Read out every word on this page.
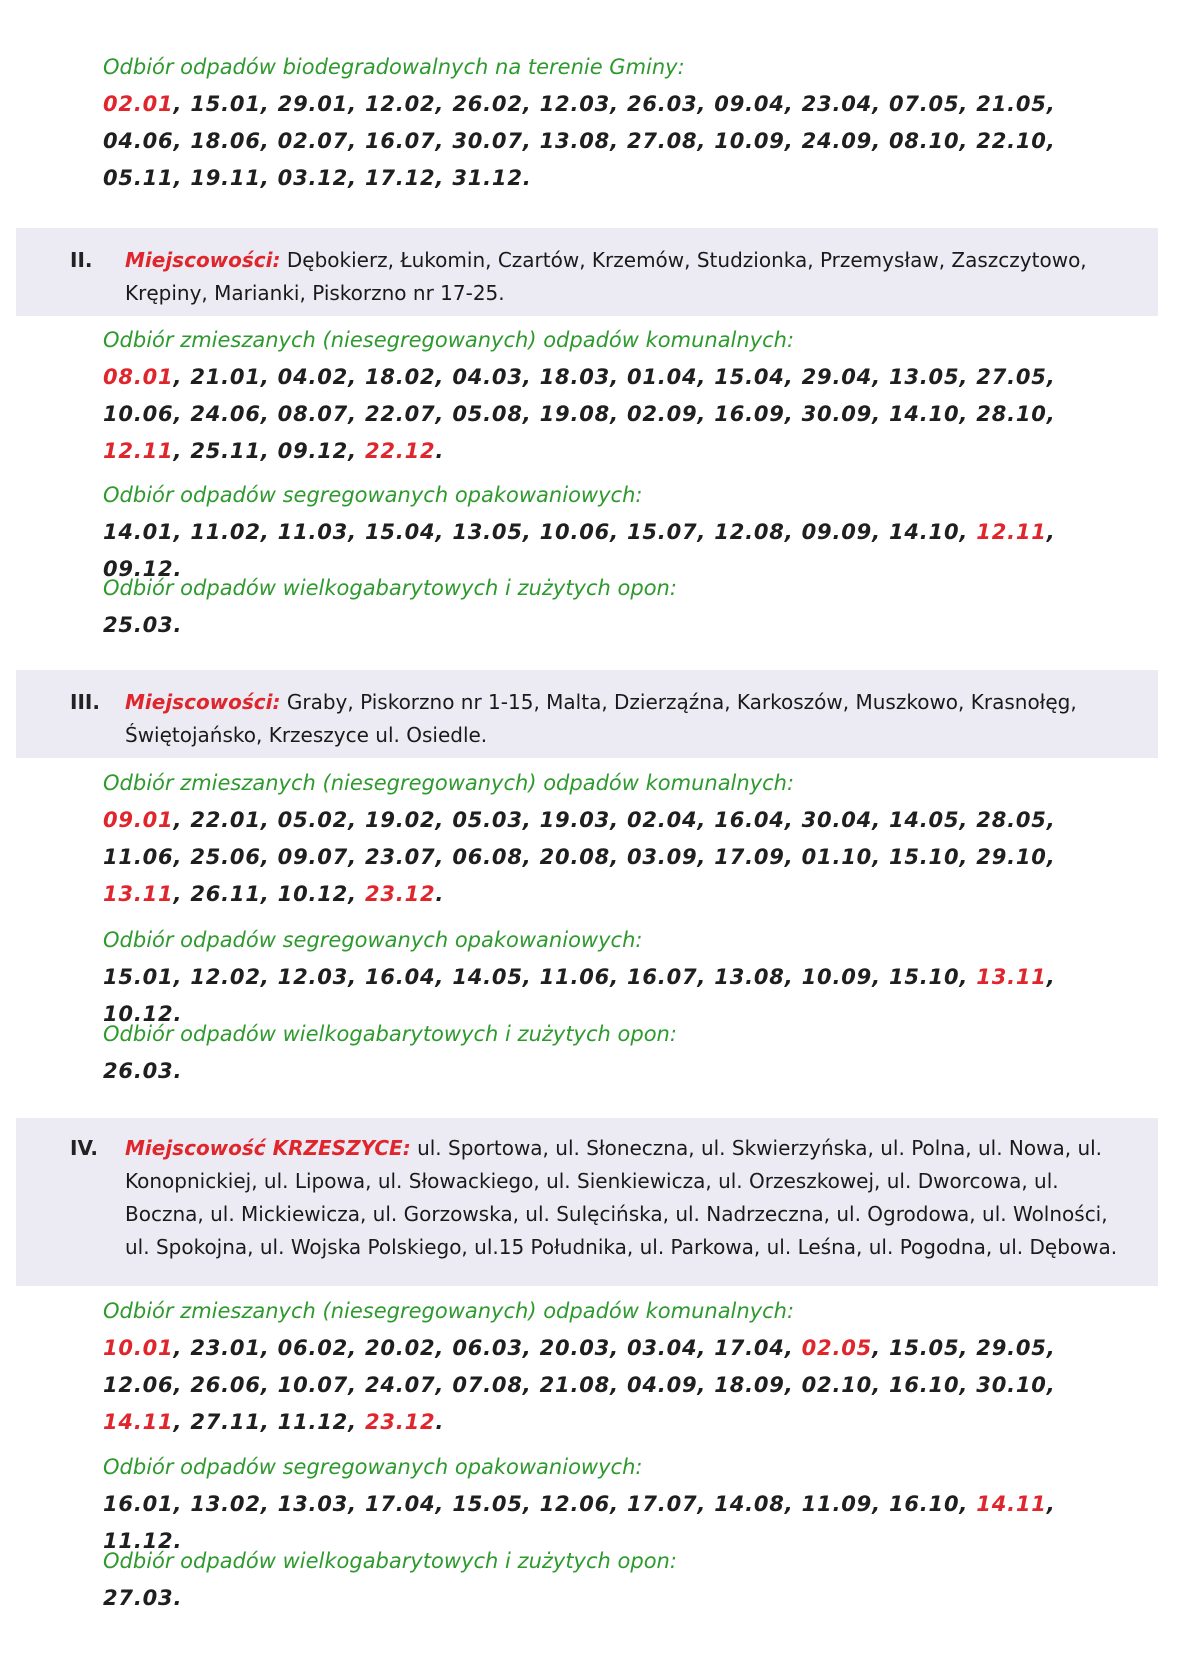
Odbiór odpadów biodegradowalnych na terenie Gminy:

02.01, 15.01, 29.01, 12.02, 26.02, 12.03, 26.03, 09.04, 23.04, 07.05, 21.05, 04.06, 18.06, 02.07, 16.07, 30.07, 13.08, 27.08, 10.09, 24.09, 08.10, 22.10, 05.11, 19.11, 03.12, 17.12, 31.12.

II. Miejscowości: Dębokierz, Łukomin, Czartów, Krzemów, Studzionka, Przemysław, Zaszczytowo, Krępiny, Marianki, Piskorzno nr 17-25.

Odbiór zmieszanych (niesegregowanych) odpadów komunalnych:

08.01, 21.01, 04.02, 18.02, 04.03, 18.03, 01.04, 15.04, 29.04, 13.05, 27.05, 10.06, 24.06, 08.07, 22.07, 05.08, 19.08, 02.09, 16.09, 30.09, 14.10, 28.10, 12.11, 25.11, 09.12, 22.12.

Odbiór odpadów segregowanych opakowaniowych:

14.01, 11.02, 11.03, 15.04, 13.05, 10.06, 15.07, 12.08, 09.09, 14.10, 12.11, 09.12.

Odbiór odpadów wielkogabarytowych i zużytych opon:

25.03.

III. Miejscowości: Graby, Piskorzno nr 1-15, Malta, Dzierząźna, Karkoszów, Muszkowo, Krasnołęg, Świętojańsko, Krzeszyce ul. Osiedle.

Odbiór zmieszanych (niesegregowanych) odpadów komunalnych:

09.01, 22.01, 05.02, 19.02, 05.03, 19.03, 02.04, 16.04, 30.04, 14.05, 28.05, 11.06, 25.06, 09.07, 23.07, 06.08, 20.08, 03.09, 17.09, 01.10, 15.10, 29.10, 13.11, 26.11, 10.12, 23.12.

Odbiór odpadów segregowanych opakowaniowych:

15.01, 12.02, 12.03, 16.04, 14.05, 11.06, 16.07, 13.08, 10.09, 15.10, 13.11, 10.12.

Odbiór odpadów wielkogabarytowych i zużytych opon:

26.03.

IV. Miejscowość KRZESZYCE: ul. Sportowa, ul. Słoneczna, ul. Skwierzyńska, ul. Polna, ul. Nowa, ul. Konopnickiej, ul. Lipowa, ul. Słowackiego, ul. Sienkiewicza, ul. Orzeszkowej, ul. Dworcowa, ul. Boczna, ul. Mickiewicza, ul. Gorzowska, ul. Sulęcińska, ul. Nadrzeczna, ul. Ogrodowa, ul. Wolności, ul. Spokojna, ul. Wojska Polskiego, ul.15 Południka, ul. Parkowa, ul. Leśna, ul. Pogodna, ul. Dębowa.

Odbiór zmieszanych (niesegregowanych) odpadów komunalnych:

10.01, 23.01, 06.02, 20.02, 06.03, 20.03, 03.04, 17.04, 02.05, 15.05, 29.05, 12.06, 26.06, 10.07, 24.07, 07.08, 21.08, 04.09, 18.09, 02.10, 16.10, 30.10, 14.11, 27.11, 11.12, 23.12.

Odbiór odpadów segregowanych opakowaniowych:

16.01, 13.02, 13.03, 17.04, 15.05, 12.06, 17.07, 14.08, 11.09, 16.10, 14.11, 11.12.

Odbiór odpadów wielkogabarytowych i zużytych opon:

27.03.
